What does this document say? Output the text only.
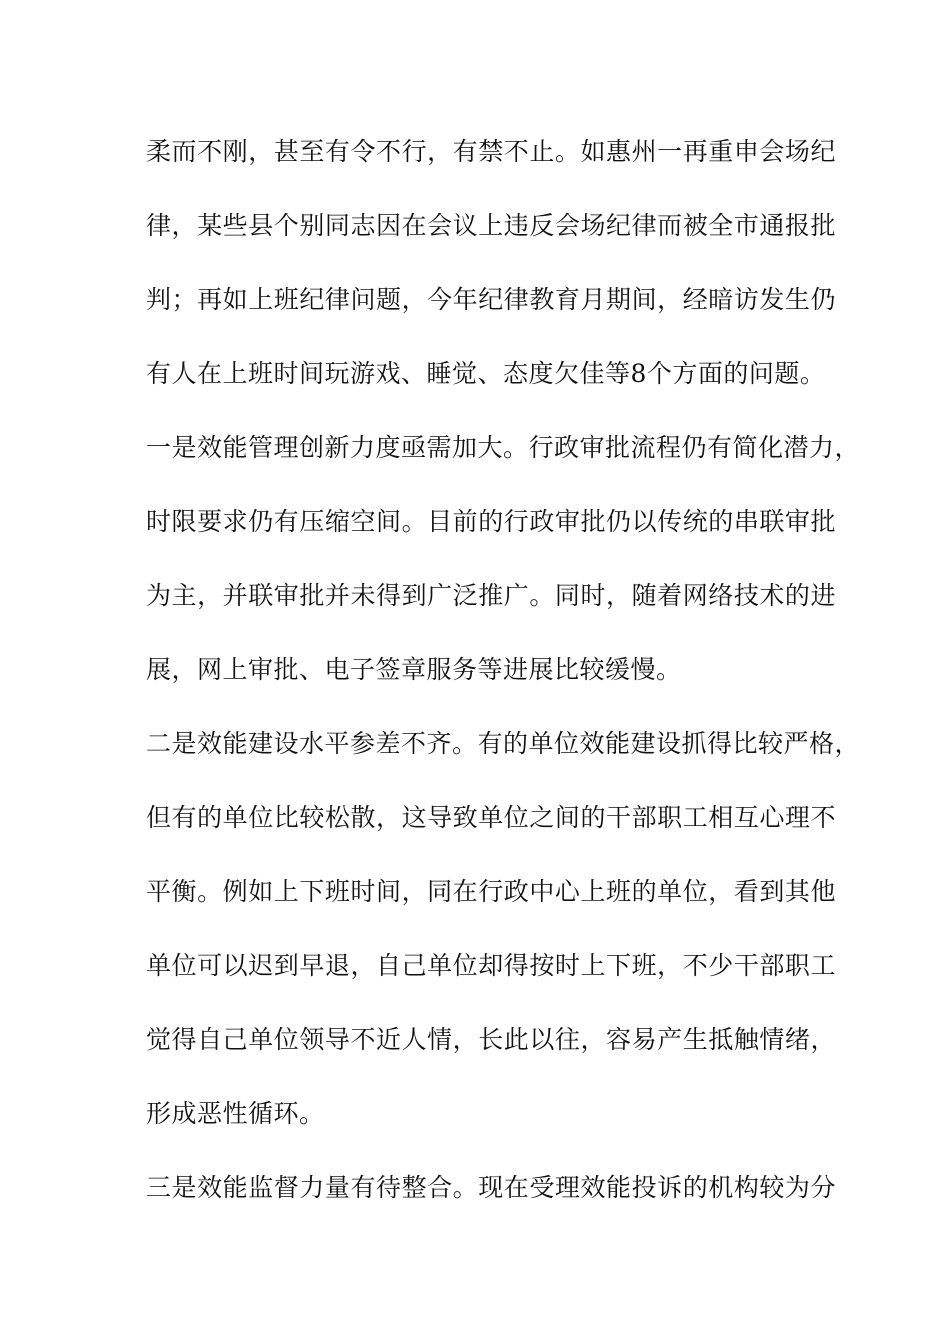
柔而不刚，甚至有令不行，有禁不止。如惠州一再重申会场纪

律，某些县个别同志因在会议上违反会场纪律而被全市通报批

判；再如上班纪律问题，今年纪律教育月期间，经暗访发生仍

有人在上班时间玩游戏、睡觉、态度欠佳等8个方面的问题。

一是效能管理创新力度亟需加大。行政审批流程仍有简化潜力，

时限要求仍有压缩空间。目前的行政审批仍以传统的串联审批

为主，并联审批并未得到广泛推广。同时，随着网络技术的进

展，网上审批、电子签章服务等进展比较缓慢。

二是效能建设水平参差不齐。有的单位效能建设抓得比较严格，

但有的单位比较松散，这导致单位之间的干部职工相互心理不

平衡。例如上下班时间，同在行政中心上班的单位，看到其他

单位可以迟到早退，自己单位却得按时上下班，不少干部职工

觉得自己单位领导不近人情，长此以往，容易产生抵触情绪，

形成恶性循环。

三是效能监督力量有待整合。现在受理效能投诉的机构较为分
